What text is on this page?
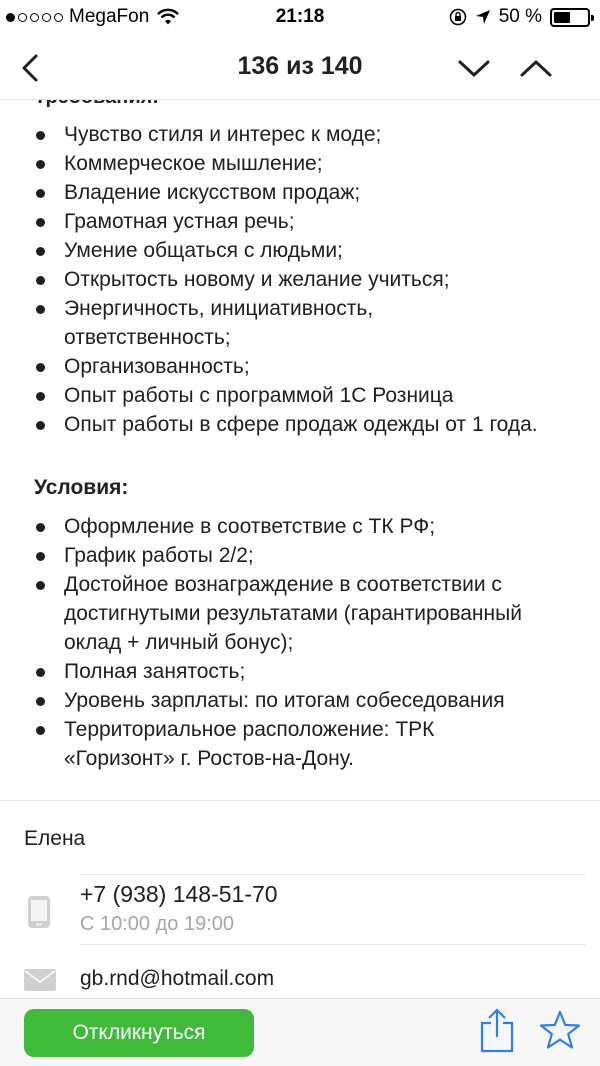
MegaFon	21:18	50 %
136 из 140
Чувство стиля и интерес к моде;
Коммерческое мышление;
Владение искусством продаж;
Грамотная устная речь;
Умение общаться с людьми;
Открытость новому и желание учиться;
Энергичность, инициативность, ответственность;
Организованность;
Опыт работы с программой 1С Розница
Опыт работы в сфере продаж одежды от 1 года.
Условия:
Оформление в соответствие с ТК РФ;
График работы 2/2;
Достойное вознаграждение в соответствии с достигнутыми результатами (гарантированный оклад + личный бонус);
Полная занятость;
Уровень зарплаты: по итогам собеседования
Территориальное расположение: ТРК «Горизонт» г. Ростов-на-Дону.
Елена
+7 (938) 148-51-70
С 10:00 до 19:00
gb.rnd@hotmail.com
Откликнуться
